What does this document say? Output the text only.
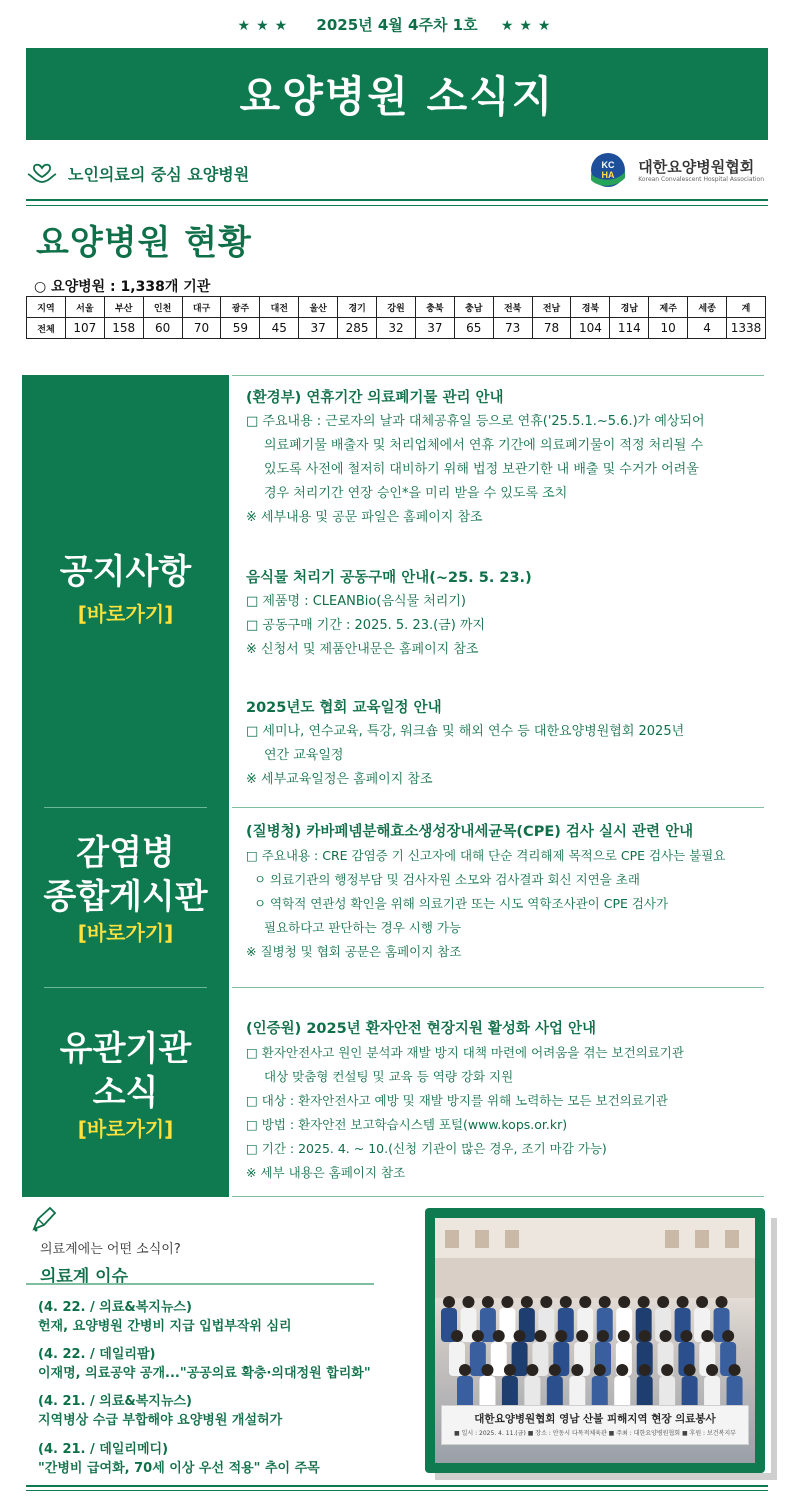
★★★ 2025년 4월 4주차 1호 ★★★
요양병원 소식지
노인의료의 중심 요양병원	KC
HA 대한요양병원협회
Korean Convalescent Hospital Association
요양병원 현황
○ 요양병원 : 1,338개 기관
지역	서울	부산	인천	대구	광주	대전	울산	경기	강원	충북	충남	전북	전남	경북	경남	제주	세종	계
전체	107	158	60	70	59	45	37	285	32	37	65	73	78	104	114	10	4	1338
공지사항
[바로가기]
감염병
종합게시판
[바로가기]
유관기관
소식
[바로가기]
(환경부) 연휴기간 의료폐기물 관리 안내
□ 주요내용 : 근로자의 날과 대체공휴일 등으로 연휴('25.5.1.~5.6.)가 예상되어
의료폐기물 배출자 및 처리업체에서 연휴 기간에 의료폐기물이 적정 처리될 수
있도록 사전에 철저히 대비하기 위해 법정 보관기한 내 배출 및 수거가 어려울
경우 처리기간 연장 승인*을 미리 받을 수 있도록 조치
※ 세부내용 및 공문 파일은 홈페이지 참조
음식물 처리기 공동구매 안내(~25. 5. 23.)
□ 제품명 : CLEANBio(음식물 처리기)
□ 공동구매 기간 : 2025. 5. 23.(금) 까지
※ 신청서 및 제품안내문은 홈페이지 참조
2025년도 협회 교육일정 안내
□ 세미나, 연수교육, 특강, 워크숍 및 해외 연수 등 대한요양병원협회 2025년
연간 교육일정
※ 세부교육일정은 홈페이지 참조
(질병청) 카바페넴분해효소생성장내세균목(CPE) 검사 실시 관련 안내
□ 주요내용 : CRE 감염증 기 신고자에 대해 단순 격리해제 목적으로 CPE 검사는 불필요
ㅇ 의료기관의 행정부담 및 검사자원 소모와 검사결과 회신 지연을 초래
ㅇ 역학적 연관성 확인을 위해 의료기관 또는 시도 역학조사관이 CPE 검사가
필요하다고 판단하는 경우 시행 가능
※ 질병청 및 협회 공문은 홈페이지 참조
(인증원) 2025년 환자안전 현장지원 활성화 사업 안내
□ 환자안전사고 원인 분석과 재발 방지 대책 마련에 어려움을 겪는 보건의료기관
대상 맞춤형 컨설팅 및 교육 등 역량 강화 지원
□ 대상 : 환자안전사고 예방 및 재발 방지를 위해 노력하는 모든 보건의료기관
□ 방법 : 환자안전 보고학습시스템 포털(www.kops.or.kr)
□ 기간 : 2025. 4. ~ 10.(신청 기관이 많은 경우, 조기 마감 가능)
※ 세부 내용은 홈페이지 참조
의료계에는 어떤 소식이?
의료계 이슈
(4. 22. / 의료&복지뉴스)
헌재, 요양병원 간병비 지급 입법부작위 심리
(4. 22. / 데일리팜)
이재명, 의료공약 공개..."공공의료 확충·의대정원 합리화"
(4. 21. / 의료&복지뉴스)
지역병상 수급 부합해야 요양병원 개설허가
(4. 21. / 데일리메디)
"간병비 급여화, 70세 이상 우선 적용" 추이 주목
대한요양병원협회 영남 산불 피해지역 현장 의료봉사
■ 일시 : 2025. 4. 11.(금) ■ 장소 : 안동시 다목적체육관 ■ 주최 : 대한요양병원협회 ■ 후원 : 보건복지부
